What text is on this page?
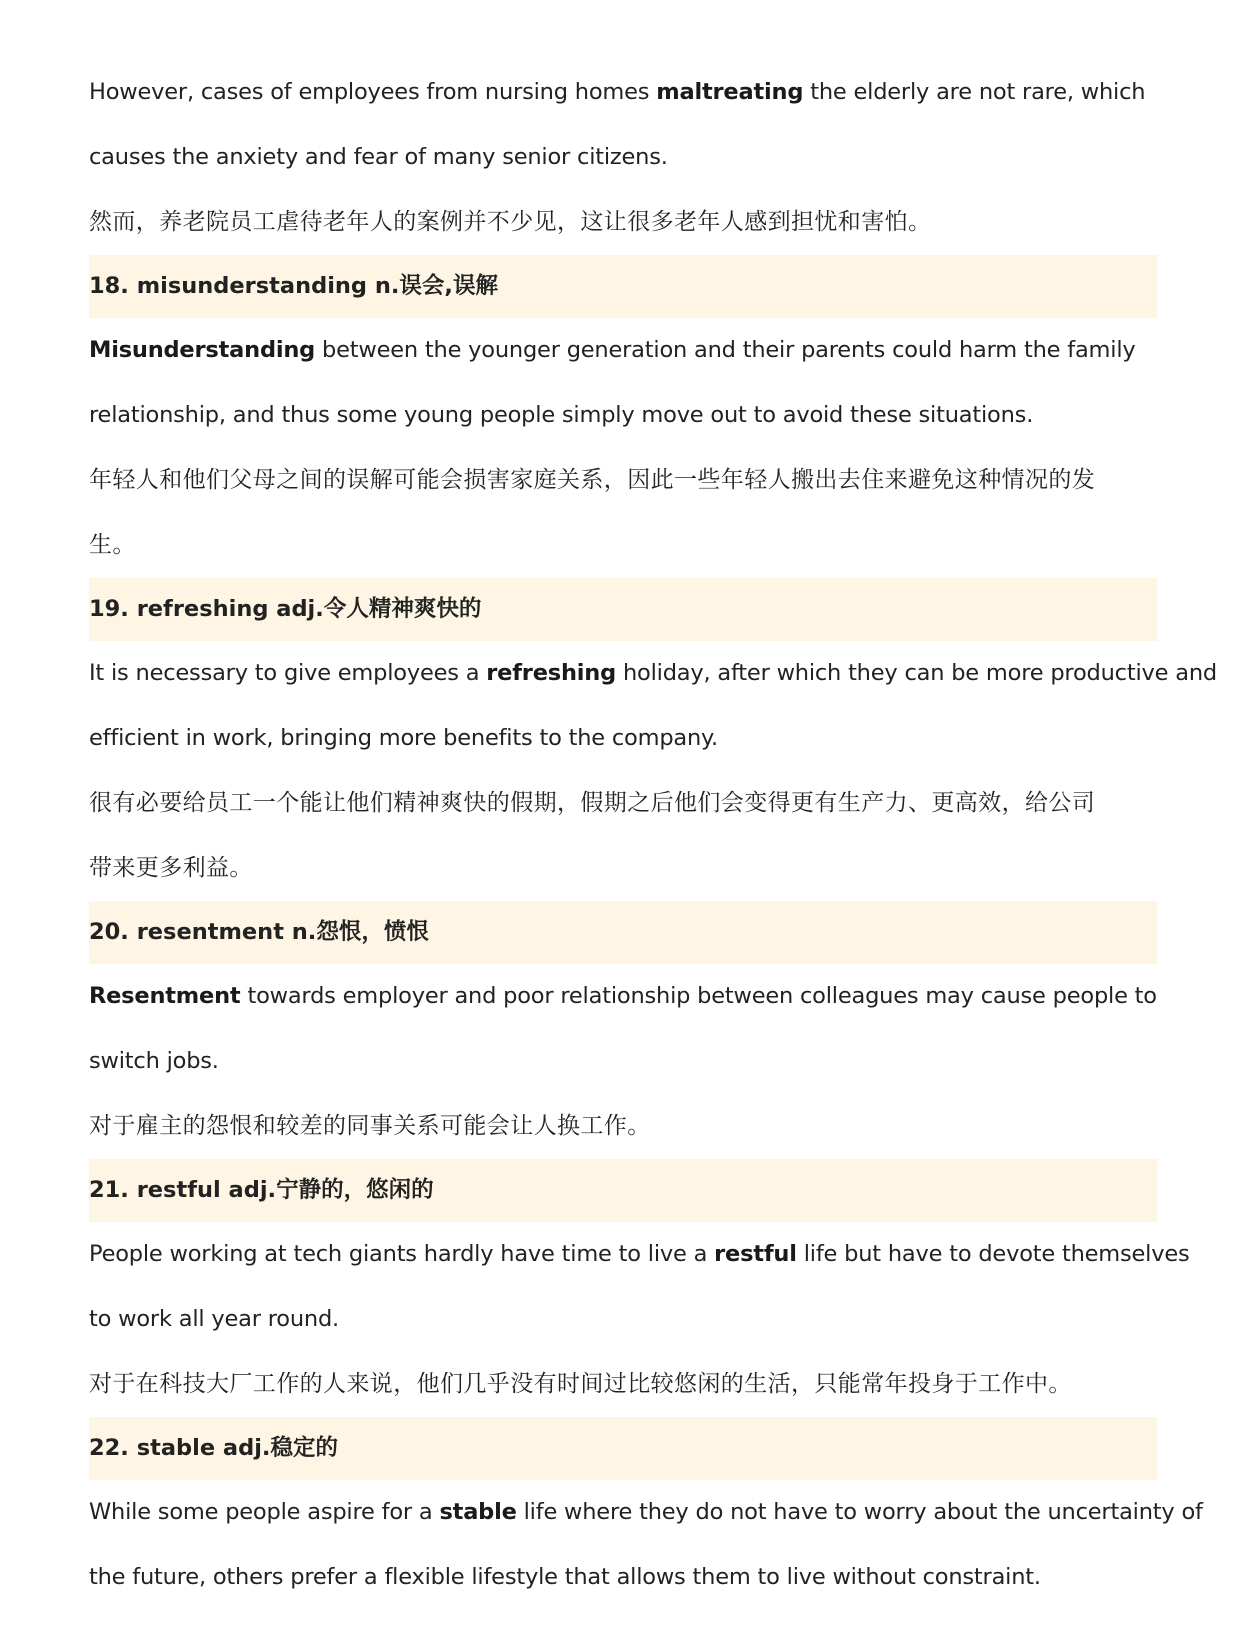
However, cases of employees from nursing homes maltreating the elderly are not rare, which
causes the anxiety and fear of many senior citizens.
然而，养老院员工虐待老年人的案例并不少见，这让很多老年人感到担忧和害怕。
18. misunderstanding n.误会,误解
Misunderstanding between the younger generation and their parents could harm the family
relationship, and thus some young people simply move out to avoid these situations.
年轻人和他们父母之间的误解可能会损害家庭关系，因此一些年轻人搬出去住来避免这种情况的发
生。
19. refreshing adj.令人精神爽快的
It is necessary to give employees a refreshing holiday, after which they can be more productive and
efficient in work, bringing more benefits to the company.
很有必要给员工一个能让他们精神爽快的假期，假期之后他们会变得更有生产力、更高效，给公司
带来更多利益。
20. resentment n.怨恨，愤恨
Resentment towards employer and poor relationship between colleagues may cause people to
switch jobs.
对于雇主的怨恨和较差的同事关系可能会让人换工作。
21. restful adj.宁静的，悠闲的
People working at tech giants hardly have time to live a restful life but have to devote themselves
to work all year round.
对于在科技大厂工作的人来说，他们几乎没有时间过比较悠闲的生活，只能常年投身于工作中。
22. stable adj.稳定的
While some people aspire for a stable life where they do not have to worry about the uncertainty of
the future, others prefer a flexible lifestyle that allows them to live without constraint.
